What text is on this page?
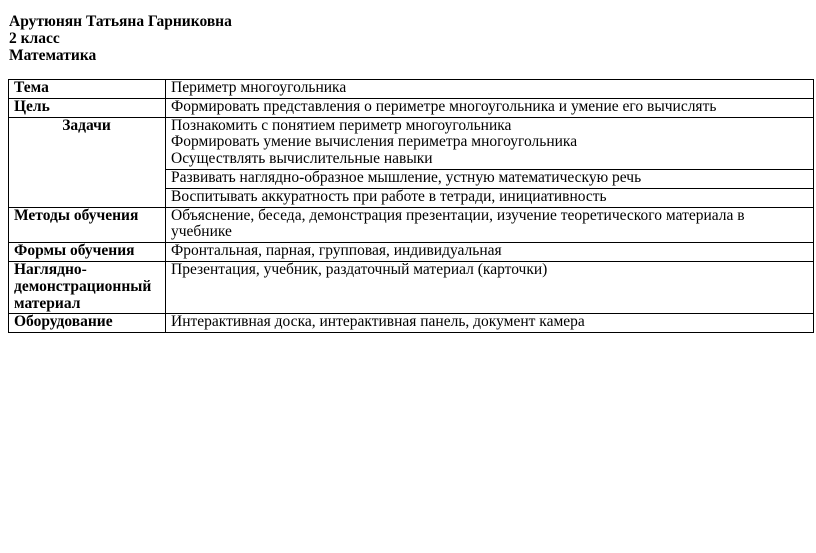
Арутюнян Татьяна Гарниковна
2 класс
Математика
Тема	Периметр многоугольника
Цель	Формировать представления о периметре многоугольника и умение его вычислять
Задачи	Познакомить с понятием периметр многоугольника
Формировать умение вычисления периметра многоугольника
Осуществлять вычислительные навыки

	Развивать наглядно-образное мышление, устную математическую речь
	Воспитывать аккуратность при работе в тетради, инициативность
Методы обучения	Объяснение, беседа, демонстрация презентации, изучение теоретического материала в учебнике
Формы обучения	Фронтальная, парная, групповая, индивидуальная
Наглядно-демонстрационный материал	Презентация, учебник, раздаточный материал (карточки)
Оборудование	Интерактивная доска, интерактивная панель, документ камера
